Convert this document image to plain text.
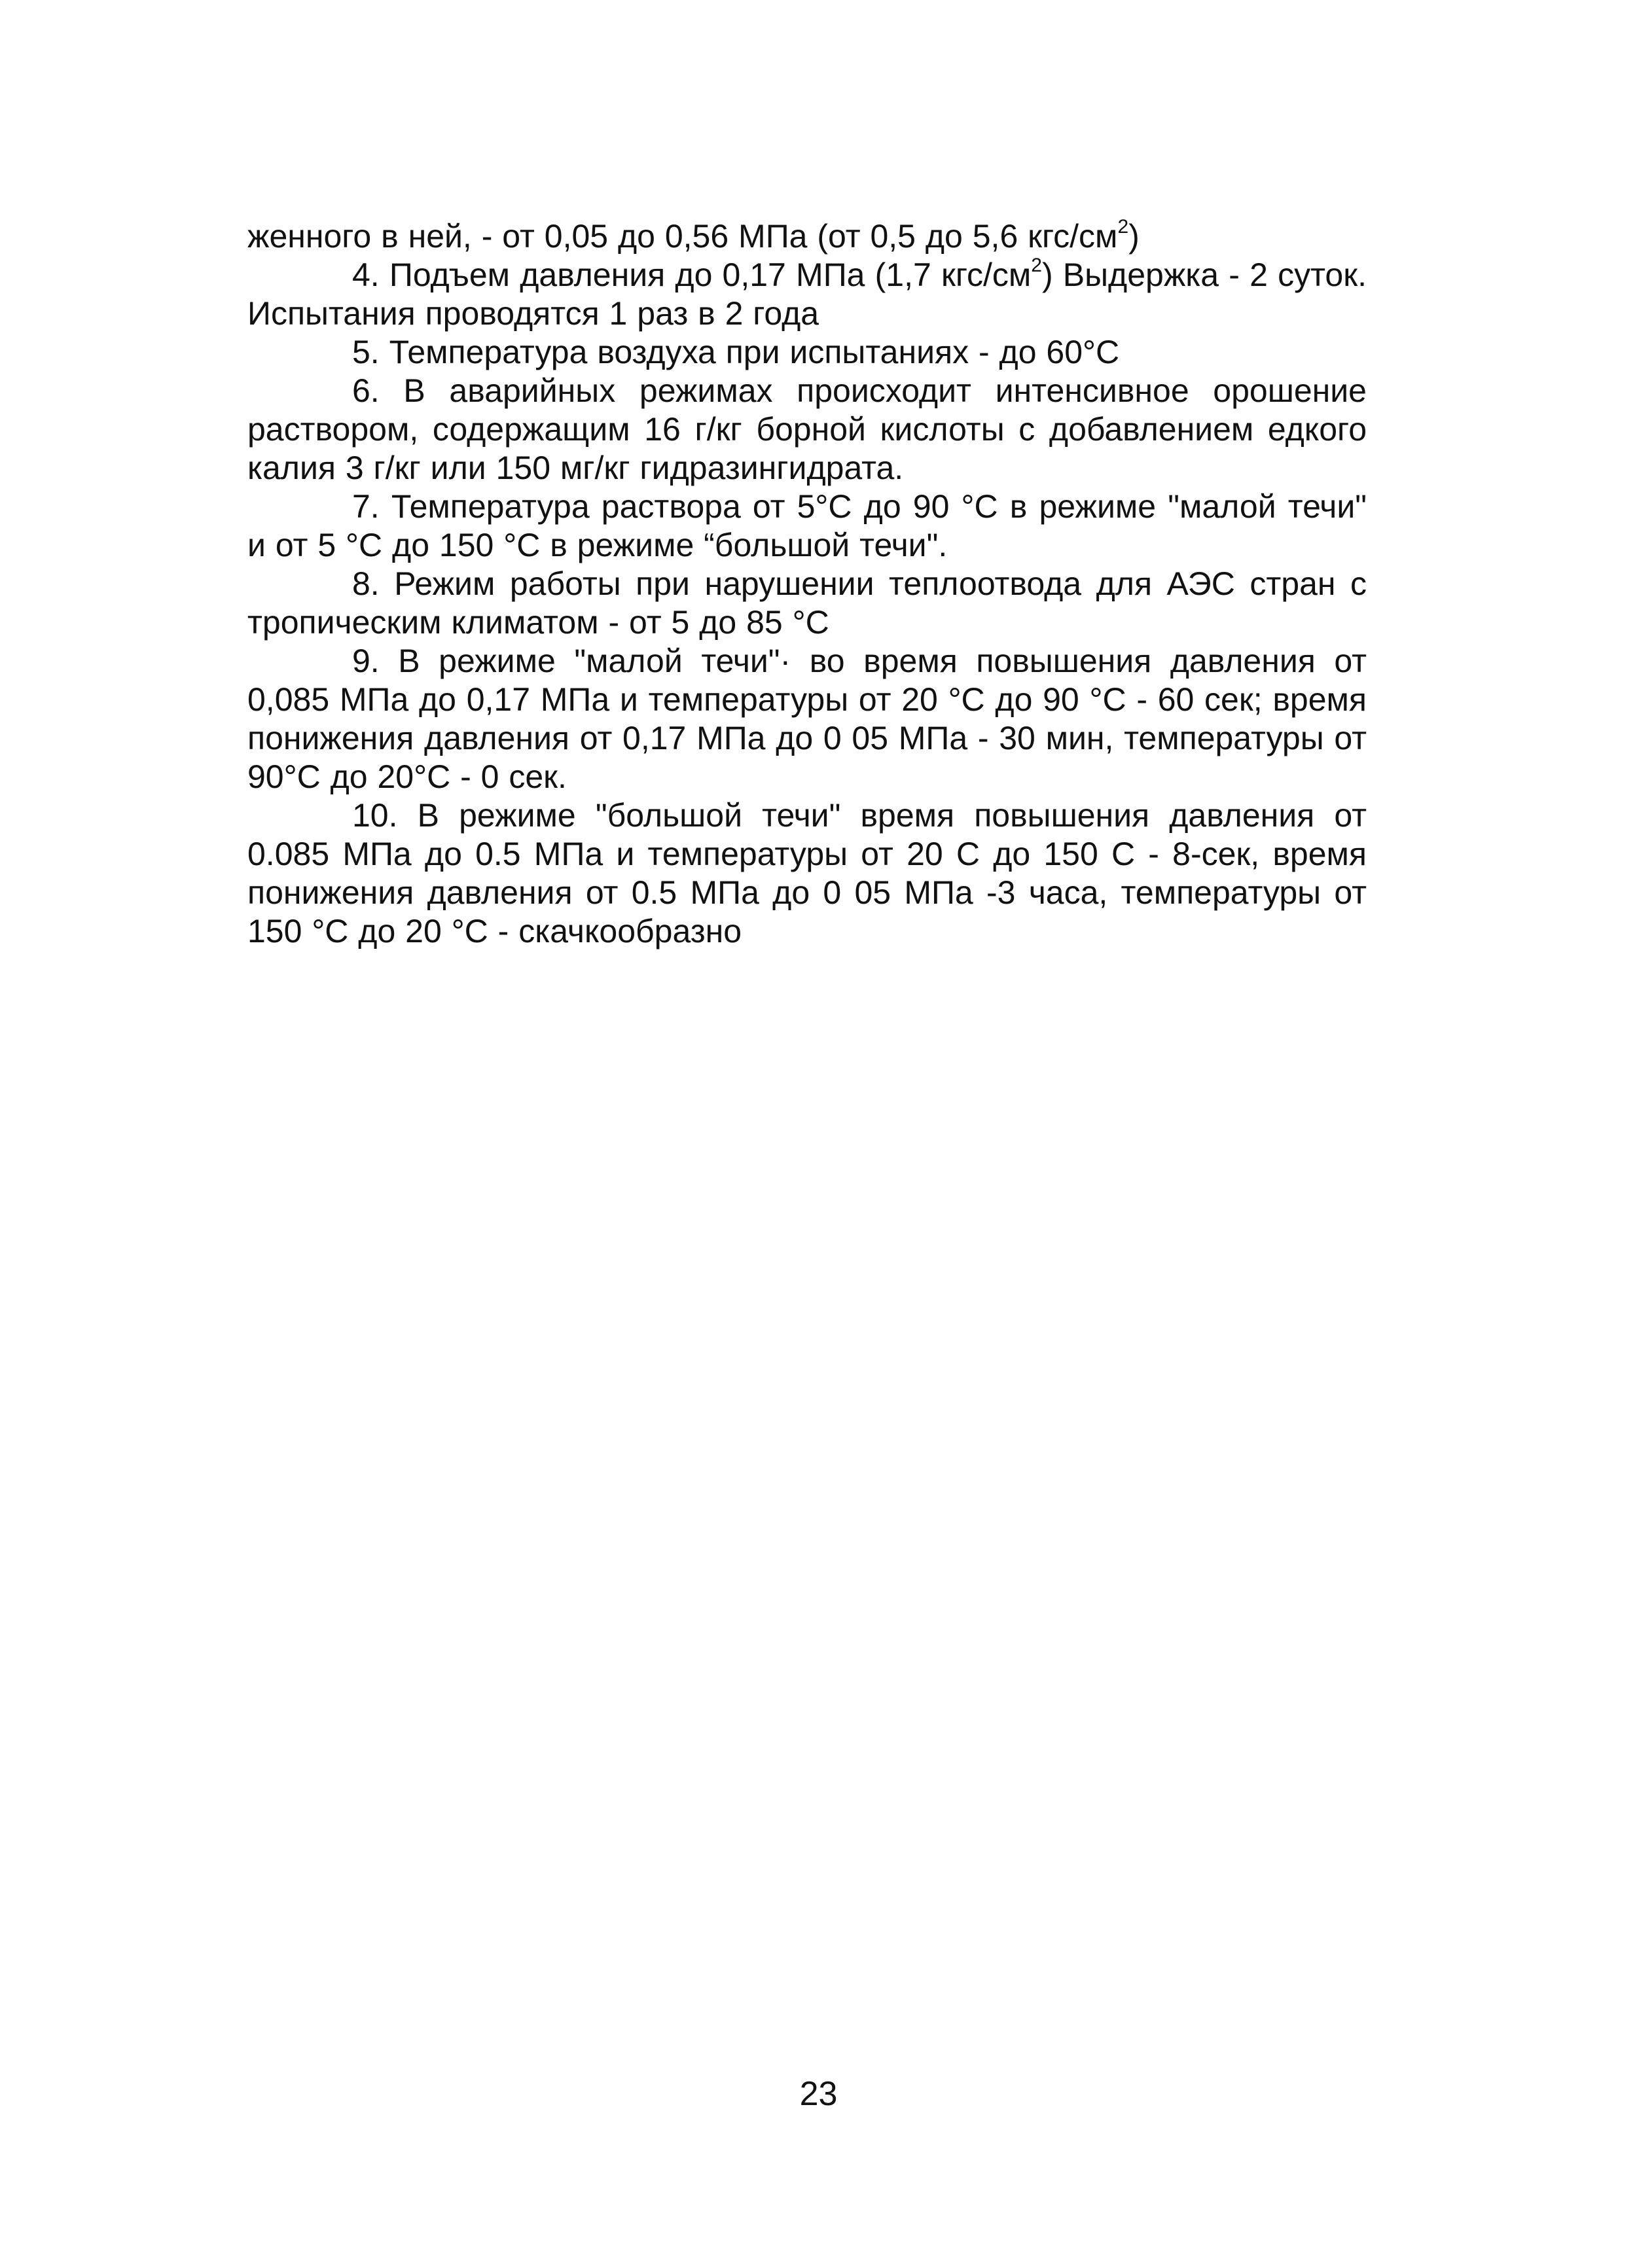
женного в ней, - от 0,05 до 0,56 МПа (от 0,5 до 5,6 кгс/$см^2$)

4. Подъем давления до 0,17 МПа (1,7 кгс/$см^2$) Выдержка - 2 суток. Испытания проводятся 1 раз в 2 года

5. Температура воздуха при испытаниях - до 60°С

6. В аварийных режимах происходит интенсивное орошение раствором, содержащим 16 г/кг борной кислоты с добавлением едкого калия 3 г/кг или 150 мг/кг гидразингидрата.

7. Температура раствора от 5°С до 90 °С в режиме "малой течи" и от 5 °С до 150 °С в режиме “большой течи".

8. Режим работы при нарушении теплоотвода для АЭС стран с тропическим климатом - от 5 до 85 °С

9. В режиме "малой течи"· во время повышения давления от 0,085 МПа до 0,17 МПа и температуры от 20 °С до 90 °С - 60 сек; время понижения давления от 0,17 МПа до 0 05 МПа - 30 мин, температуры от 90°С до 20°С - 0 сек.

10. В режиме "большой течи" время повышения давления от 0.085 МПа до 0.5 МПа и температуры от 20 С до 150 С - 8-сек, время понижения давления от 0.5 МПа до 0 05 МПа -3 часа, температуры от 150 °С до 20 °С - скачкообразно

23
